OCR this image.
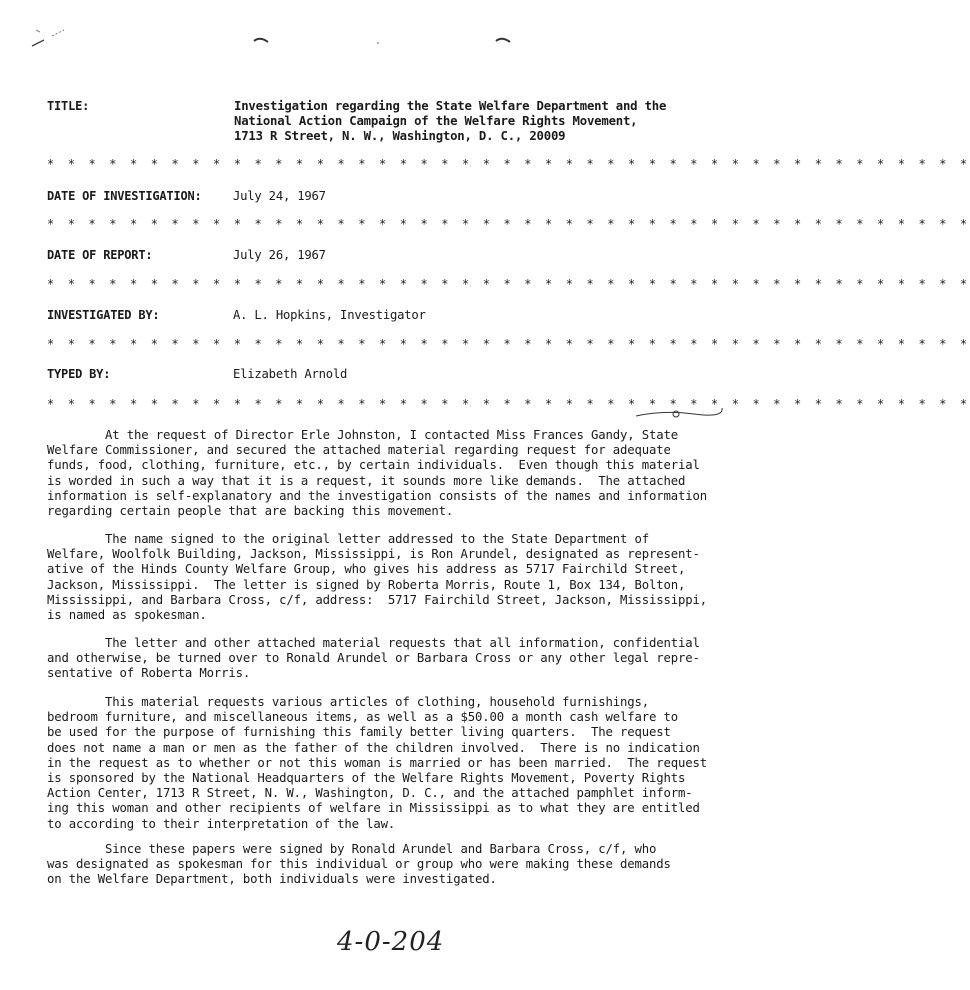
TITLE:	Investigation regarding the State Welfare Department and the
National Action Campaign of the Welfare Rights Movement,
1713 R Street, N. W., Washington, D. C., 20009
* * * * * * * * * * * * * * * * * * * * * * * * * * * * * * * * * * * * * * * * * * * * *
DATE OF INVESTIGATION:	July 24, 1967
* * * * * * * * * * * * * * * * * * * * * * * * * * * * * * * * * * * * * * * * * * * * *
DATE OF REPORT:	July 26, 1967
* * * * * * * * * * * * * * * * * * * * * * * * * * * * * * * * * * * * * * * * * * * * *
INVESTIGATED BY:	A. L. Hopkins, Investigator
* * * * * * * * * * * * * * * * * * * * * * * * * * * * * * * * * * * * * * * * * * * * *
TYPED BY:	Elizabeth Arnold
* * * * * * * * * * * * * * * * * * * * * * * * * * * * * * * * * * * * * * * * * * * * *
At the request of Director Erle Johnston, I contacted Miss Frances Gandy, State
Welfare Commissioner, and secured the attached material regarding request for adequate
funds, food, clothing, furniture, etc., by certain individuals.  Even though this material
is worded in such a way that it is a request, it sounds more like demands.  The attached
information is self-explanatory and the investigation consists of the names and information
regarding certain people that are backing this movement.
The name signed to the original letter addressed to the State Department of
Welfare, Woolfolk Building, Jackson, Mississippi, is Ron Arundel, designated as represent-
ative of the Hinds County Welfare Group, who gives his address as 5717 Fairchild Street,
Jackson, Mississippi.  The letter is signed by Roberta Morris, Route 1, Box 134, Bolton,
Mississippi, and Barbara Cross, c/f, address:  5717 Fairchild Street, Jackson, Mississippi,
is named as spokesman.
The letter and other attached material requests that all information, confidential
and otherwise, be turned over to Ronald Arundel or Barbara Cross or any other legal repre-
sentative of Roberta Morris.
This material requests various articles of clothing, household furnishings,
bedroom furniture, and miscellaneous items, as well as a $50.00 a month cash welfare to
be used for the purpose of furnishing this family better living quarters.  The request
does not name a man or men as the father of the children involved.  There is no indication
in the request as to whether or not this woman is married or has been married.  The request
is sponsored by the National Headquarters of the Welfare Rights Movement, Poverty Rights
Action Center, 1713 R Street, N. W., Washington, D. C., and the attached pamphlet inform-
ing this woman and other recipients of welfare in Mississippi as to what they are entitled
to according to their interpretation of the law.
Since these papers were signed by Ronald Arundel and Barbara Cross, c/f, who
was designated as spokesman for this individual or group who were making these demands
on the Welfare Department, both individuals were investigated.
4-0-204
